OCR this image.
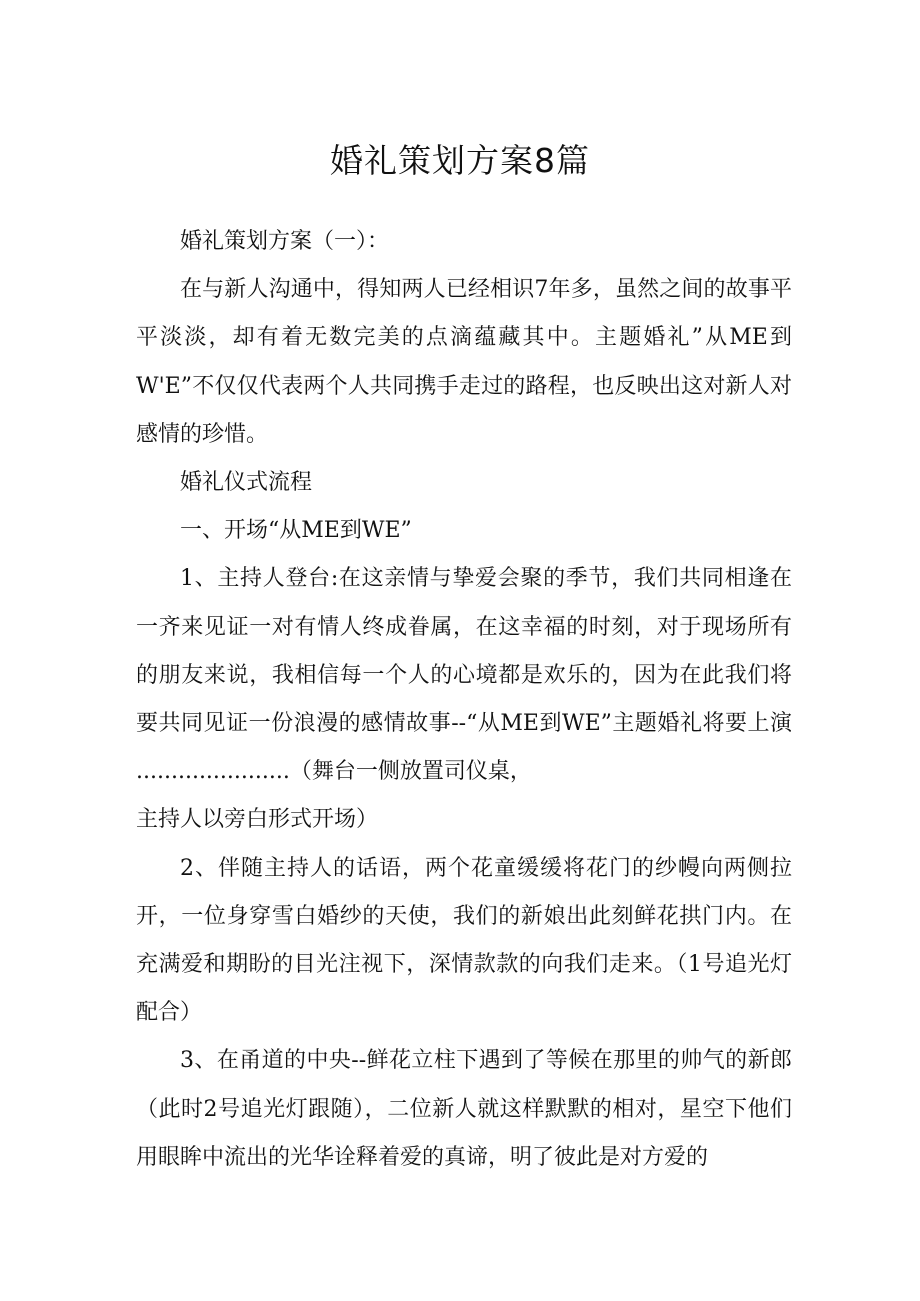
婚礼策划方案8篇

婚礼策划方案（一）：

在与新人沟通中，得知两人已经相识7年多，虽然之间的故事平平淡淡，却有着无数完美的点滴蕴藏其中。主题婚礼”从ME到W'E”不仅仅代表两个人共同携手走过的路程，也反映出这对新人对感情的珍惜。

婚礼仪式流程

一、开场“从ME到WE”

1、主持人登台:在这亲情与挚爱会聚的季节，我们共同相逢在一齐来见证一对有情人终成眷属，在这幸福的时刻，对于现场所有的朋友来说，我相信每一个人的心境都是欢乐的，因为在此我们将要共同见证一份浪漫的感情故事--“从ME到WE”主题婚礼将要上演 ......................（舞台一侧放置司仪桌，

主持人以旁白形式开场）

2、伴随主持人的话语，两个花童缓缓将花门的纱幔向两侧拉开，一位身穿雪白婚纱的天使，我们的新娘出此刻鲜花拱门内。在充满爱和期盼的目光注视下，深情款款的向我们走来。（1号追光灯配合）

3、在甬道的中央--鲜花立柱下遇到了等候在那里的帅气的新郎（此时2号追光灯跟随），二位新人就这样默默的相对，星空下他们用眼眸中流出的光华诠释着爱的真谛，明了彼此是对方爱的
